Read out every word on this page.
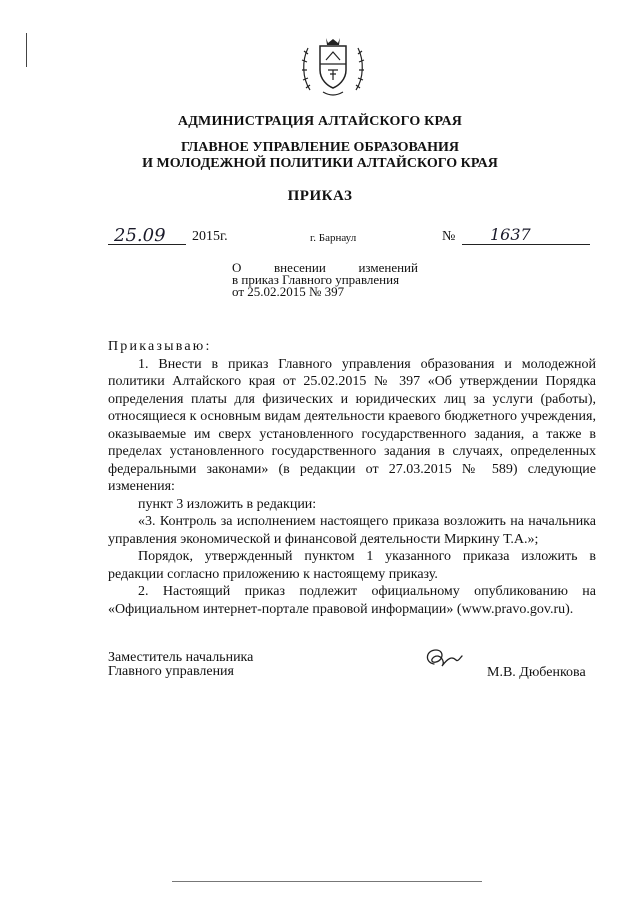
АДМИНИСТРАЦИЯ АЛТАЙСКОГО КРАЯ
ГЛАВНОЕ УПРАВЛЕНИЕ ОБРАЗОВАНИЯ
И МОЛОДЕЖНОЙ ПОЛИТИКИ АЛТАЙСКОГО КРАЯ
ПРИКАЗ
25.09 2015г.	г. Барнаул	№ 1637
О	внесении	изменений
в приказ Главного управления
от 25.02.2015 № 397

Приказываю:

1. Внести в приказ Главного управления образования и молодежной политики Алтайского края от 25.02.2015 № 397 «Об утверждении Порядка определения платы для физических и юридических лиц за услуги (работы), относящиеся к основным видам деятельности краевого бюджетного учреждения, оказываемые им сверх установленного государственного задания, а также в пределах установленного государственного задания в случаях, определенных федеральными законами» (в редакции от 27.03.2015 № 589) следующие изменения:

пункт 3 изложить в редакции:

«3. Контроль за исполнением настоящего приказа возложить на начальника управления экономической и финансовой деятельности Миркину Т.А.»;

Порядок, утвержденный пунктом 1 указанного приказа изложить в редакции согласно приложению к настоящему приказу.

2. Настоящий приказ подлежит официальному опубликованию на «Официальном интернет-портале правовой информации» (www.pravo.gov.ru).

Заместитель начальника
Главного управления	М.В. Дюбенкова
